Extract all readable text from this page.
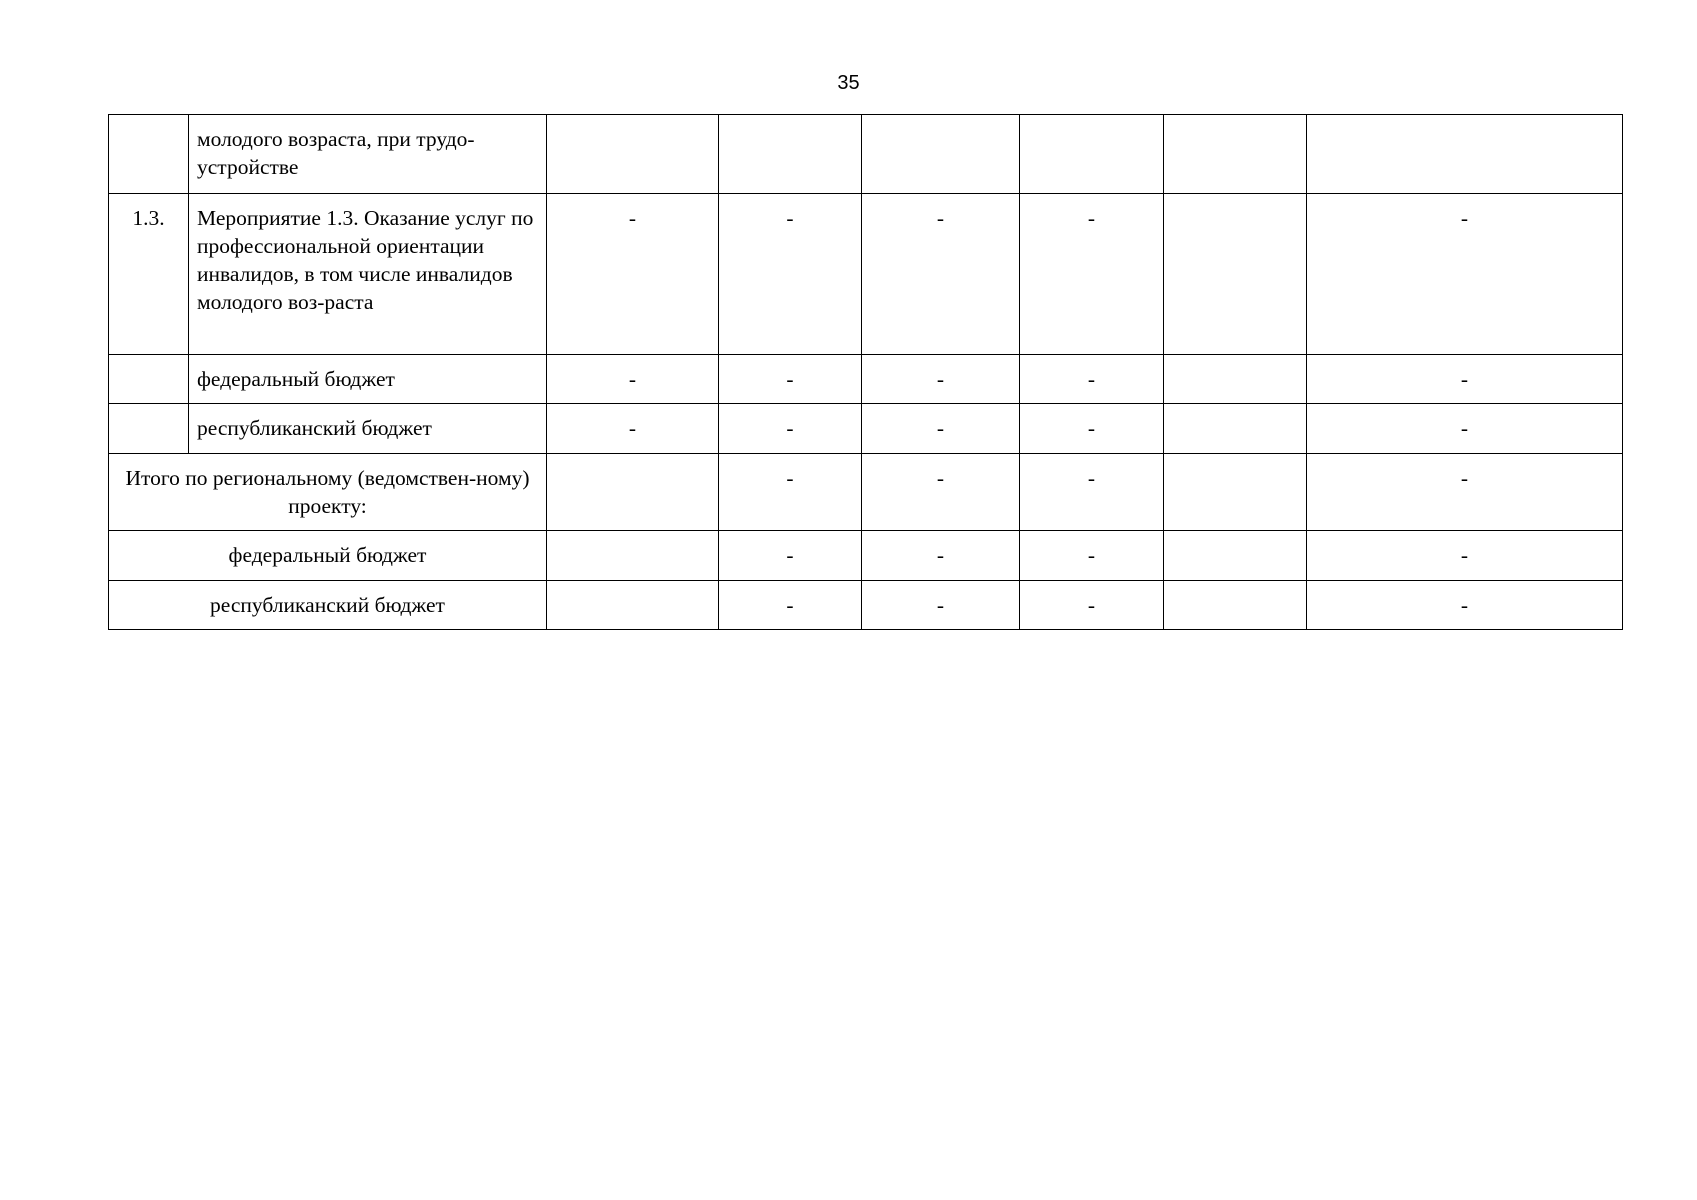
35
	молодого возраста, при трудо-устройстве						
1.3.	Мероприятие 1.3. Оказание услуг по профессиональной ориентации инвалидов, в том числе инвалидов молодого воз-раста	-	-	-	-		-
	федеральный бюджет	-	-	-	-		-
	республиканский бюджет	-	-	-	-		-
Итого по региональному (ведомствен-ному) проекту:			-	-	-		-
федеральный бюджет			-	-	-		-
республиканский бюджет			-	-	-		-
